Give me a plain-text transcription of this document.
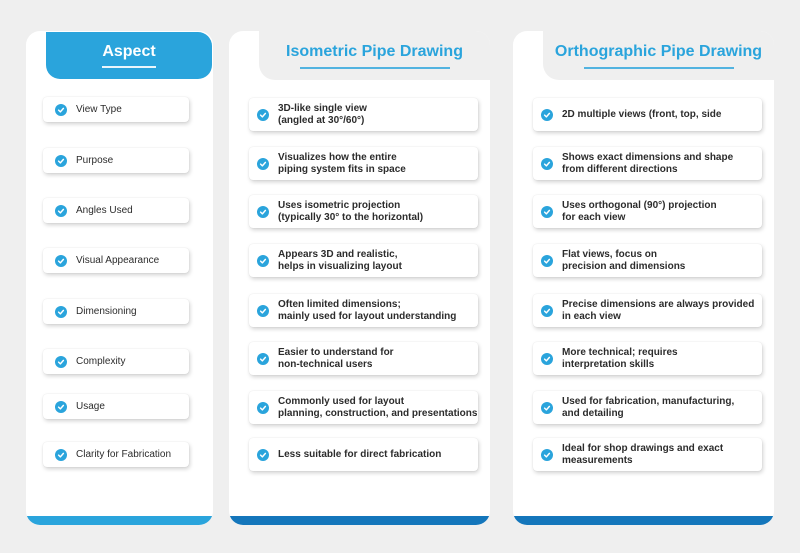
Aspect
View Type
Purpose
Angles Used
Visual Appearance
Dimensioning
Complexity
Usage
Clarity for Fabrication
Isometric Pipe Drawing
3D-like single view
(angled at 30°/60°)
Visualizes how the entire
piping system fits in space
Uses isometric projection
(typically 30° to the horizontal)
Appears 3D and realistic,
helps in visualizing layout
Often limited dimensions;
mainly used for layout understanding
Easier to understand for
non-technical users
Commonly used for layout
planning, construction, and presentations
Less suitable for direct fabrication
Orthographic Pipe Drawing
2D multiple views (front, top, side
Shows exact dimensions and shape
from different directions
Uses orthogonal (90°) projection
for each view
Flat views, focus on
precision and dimensions
Precise dimensions are always provided
in each view
More technical; requires
interpretation skills
Used for fabrication, manufacturing,
and detailing
Ideal for shop drawings and exact
measurements
